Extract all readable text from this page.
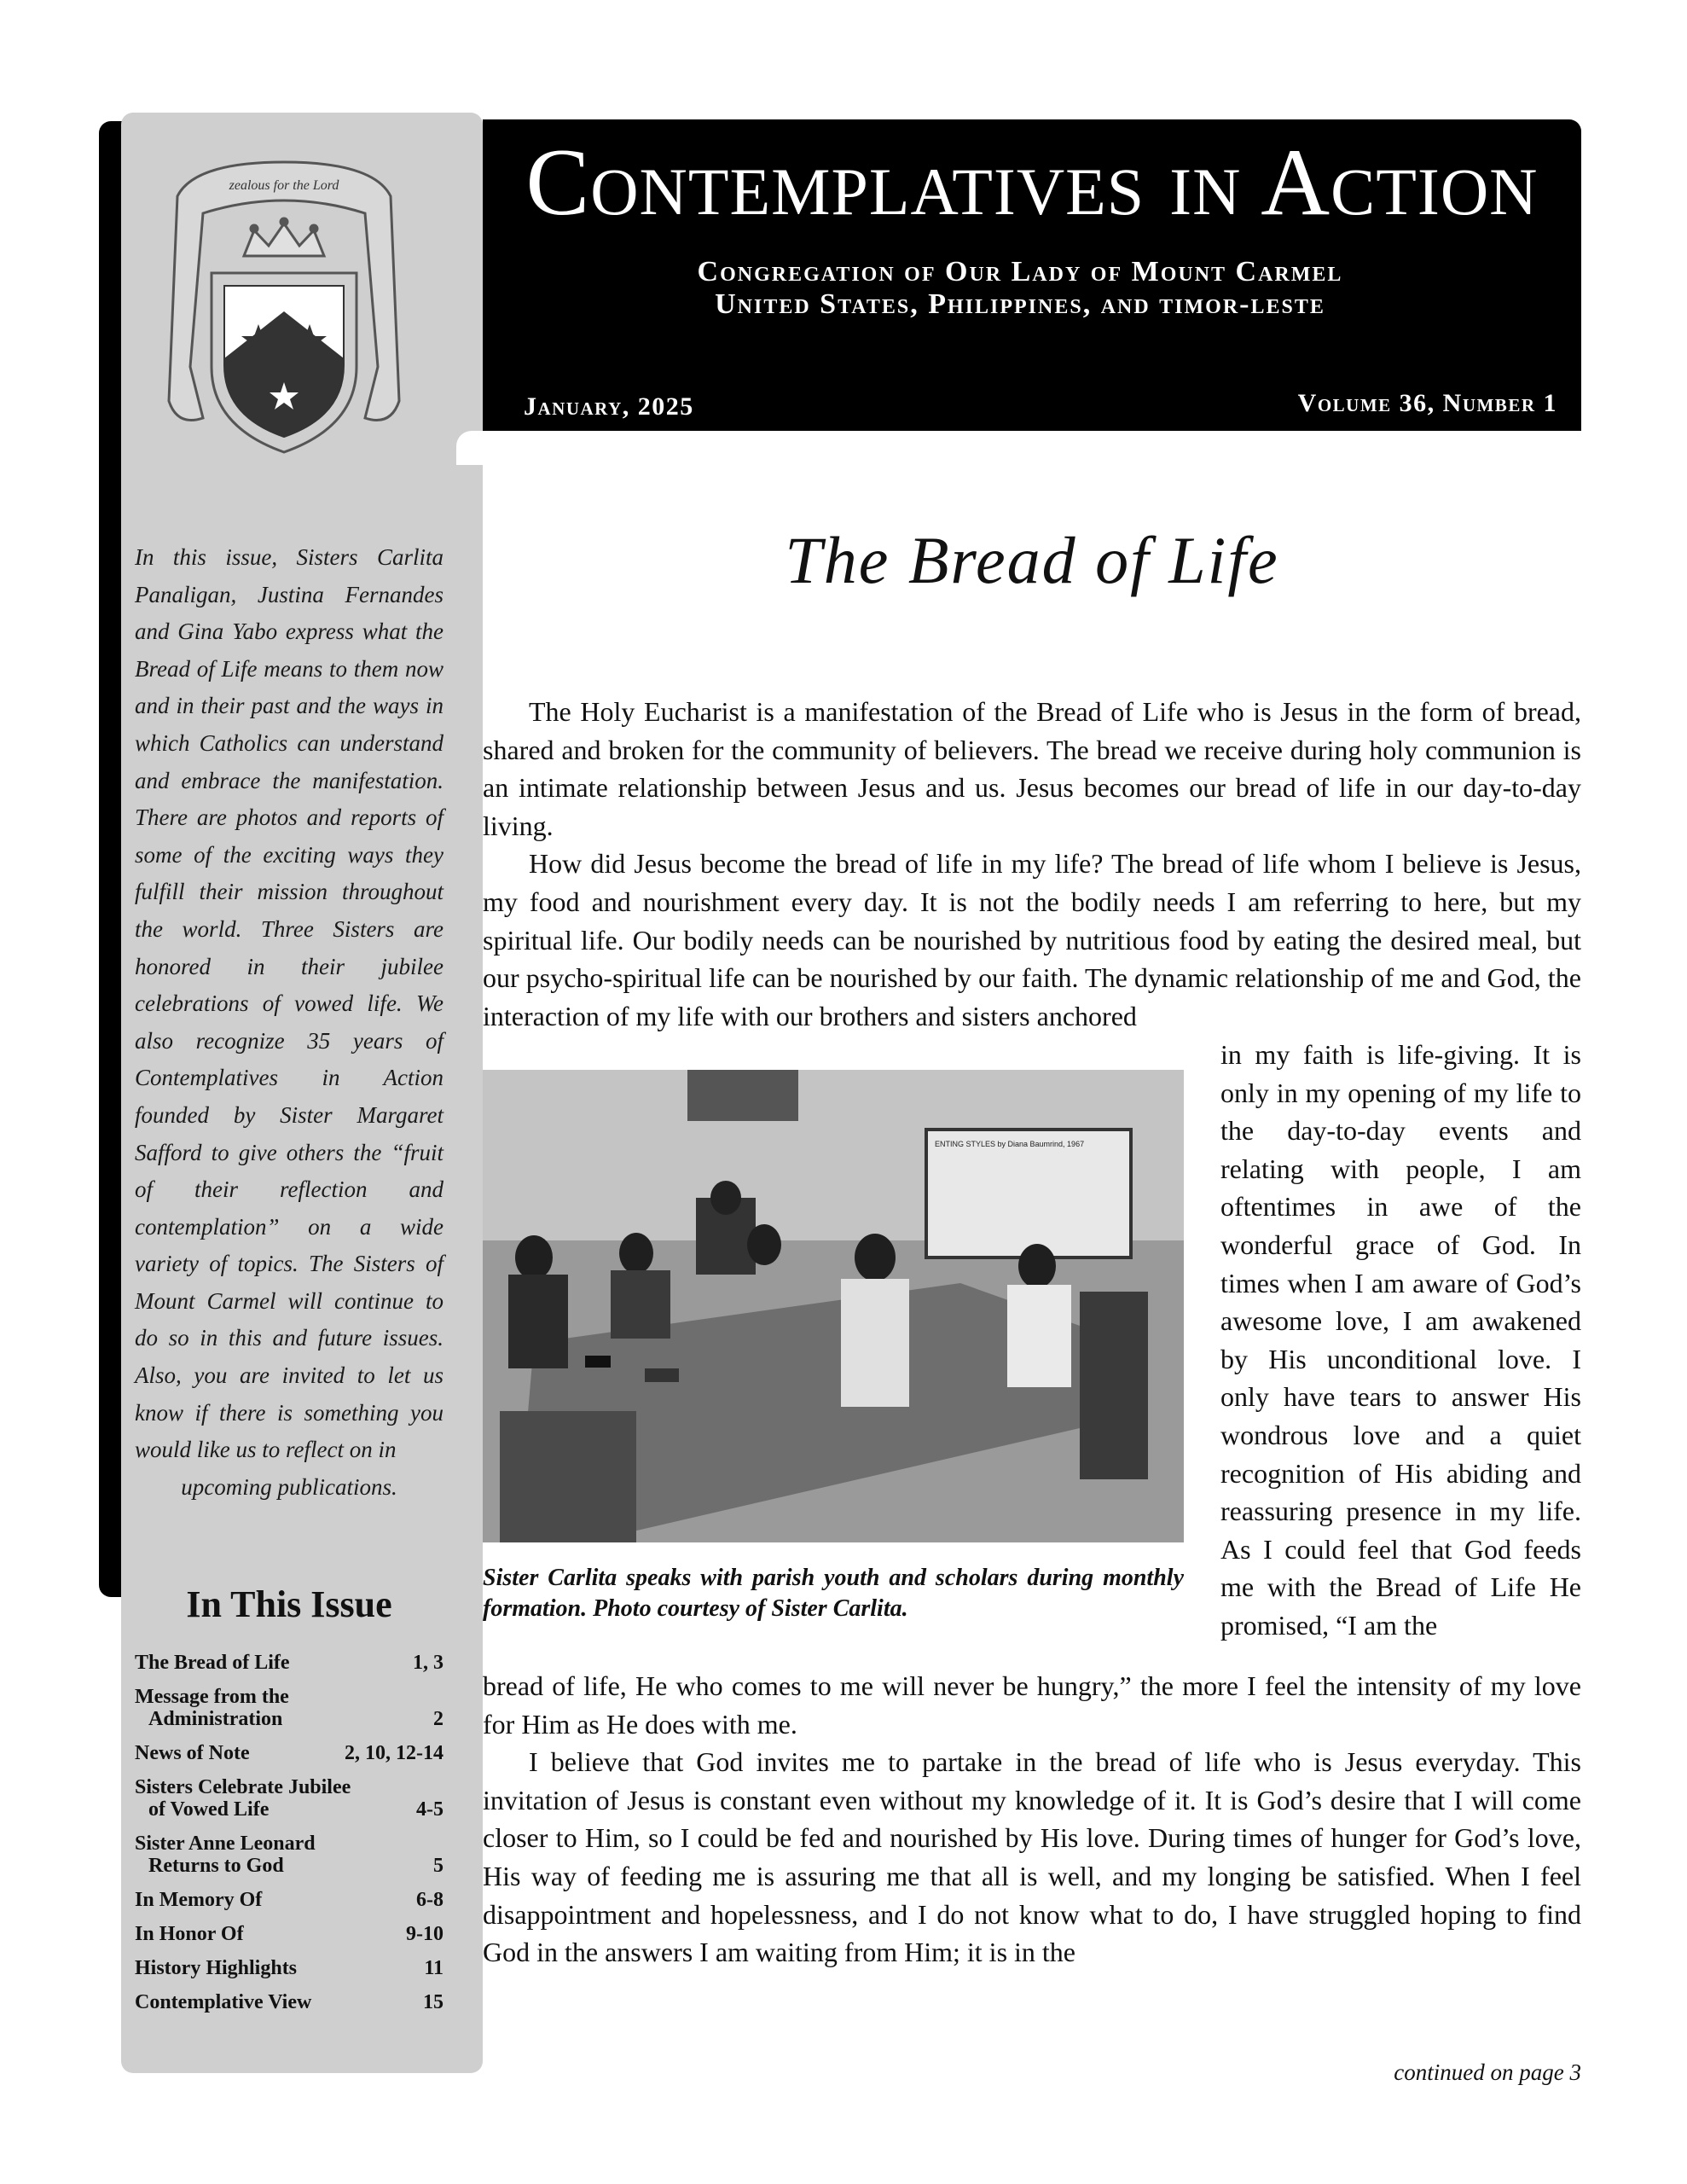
zealous for the Lord

In this issue, Sisters Carlita Panaligan, Justina Fernandes and Gina Yabo express what the Bread of Life means to them now and in their past and the ways in which Catholics can understand and embrace the manifestation. There are photos and reports of some of the exciting ways they fulfill their mission throughout the world. Three Sisters are honored in their jubilee celebrations of vowed life. We also recognize 35 years of Contemplatives in Action founded by Sister Margaret Safford to give others the “fruit of their reflection and contemplation” on a wide variety of topics. The Sisters of Mount Carmel will continue to do so in this and future issues. Also, you are invited to let us know if there is something you would like us to reflect on in

upcoming publications.

In This Issue
The Bread of Life	1, 3
Message from the
Administration	2
News of Note	2, 10, 12-14
Sisters Celebrate Jubilee
of Vowed Life	4-5
Sister Anne Leonard
Returns to God	5
In Memory Of	6-8
In Honor Of	9-10
History Highlights	11
Contemplative View	15
Contemplatives in Action
Congregation of Our Lady of Mount Carmel
United States, Philippines, and timor-leste
January, 2025	Volume 36, Number 1
The Bread of Life

The Holy Eucharist is a manifestation of the Bread of Life who is Jesus in the form of bread, shared and broken for the community of believers. The bread we receive during holy communion is an intimate relationship between Jesus and us. Jesus becomes our bread of life in our day-to-day living.

How did Jesus become the bread of life in my life? The bread of life whom I believe is Jesus, my food and nourishment every day. It is not the bodily needs I am referring to here, but my spiritual life. Our bodily needs can be nourished by nutritious food by eating the desired meal, but our psycho-spiritual life can be nourished by our faith. The dynamic relationship of me and God, the interaction of my life with our brothers and sisters anchored

ENTING STYLES by Diana Baumrind, 1967
Sister Carlita speaks with parish youth and scholars during monthly formation. Photo courtesy of Sister Carlita.

in my faith is life-giving. It is only in my opening of my life to the day-to-day events and relating with people, I am oftentimes in awe of the wonderful grace of God. In times when I am aware of God’s awesome love, I am awakened by His unconditional love. I only have tears to answer His wondrous love and a quiet recognition of His abiding and reassuring presence in my life. As I could feel that God feeds me with the Bread of Life He promised, “I am the

bread of life, He who comes to me will never be hungry,” the more I feel the intensity of my love for Him as He does with me.

I believe that God invites me to partake in the bread of life who is Jesus everyday. This invitation of Jesus is constant even without my knowledge of it. It is God’s desire that I will come closer to Him, so I could be fed and nourished by His love. During times of hunger for God’s love, His way of feeding me is assuring me that all is well, and my longing be satisfied. When I feel disappointment and hopelessness, and I do not know what to do, I have struggled hoping to find God in the answers I am waiting from Him; it is in the

continued on page 3
